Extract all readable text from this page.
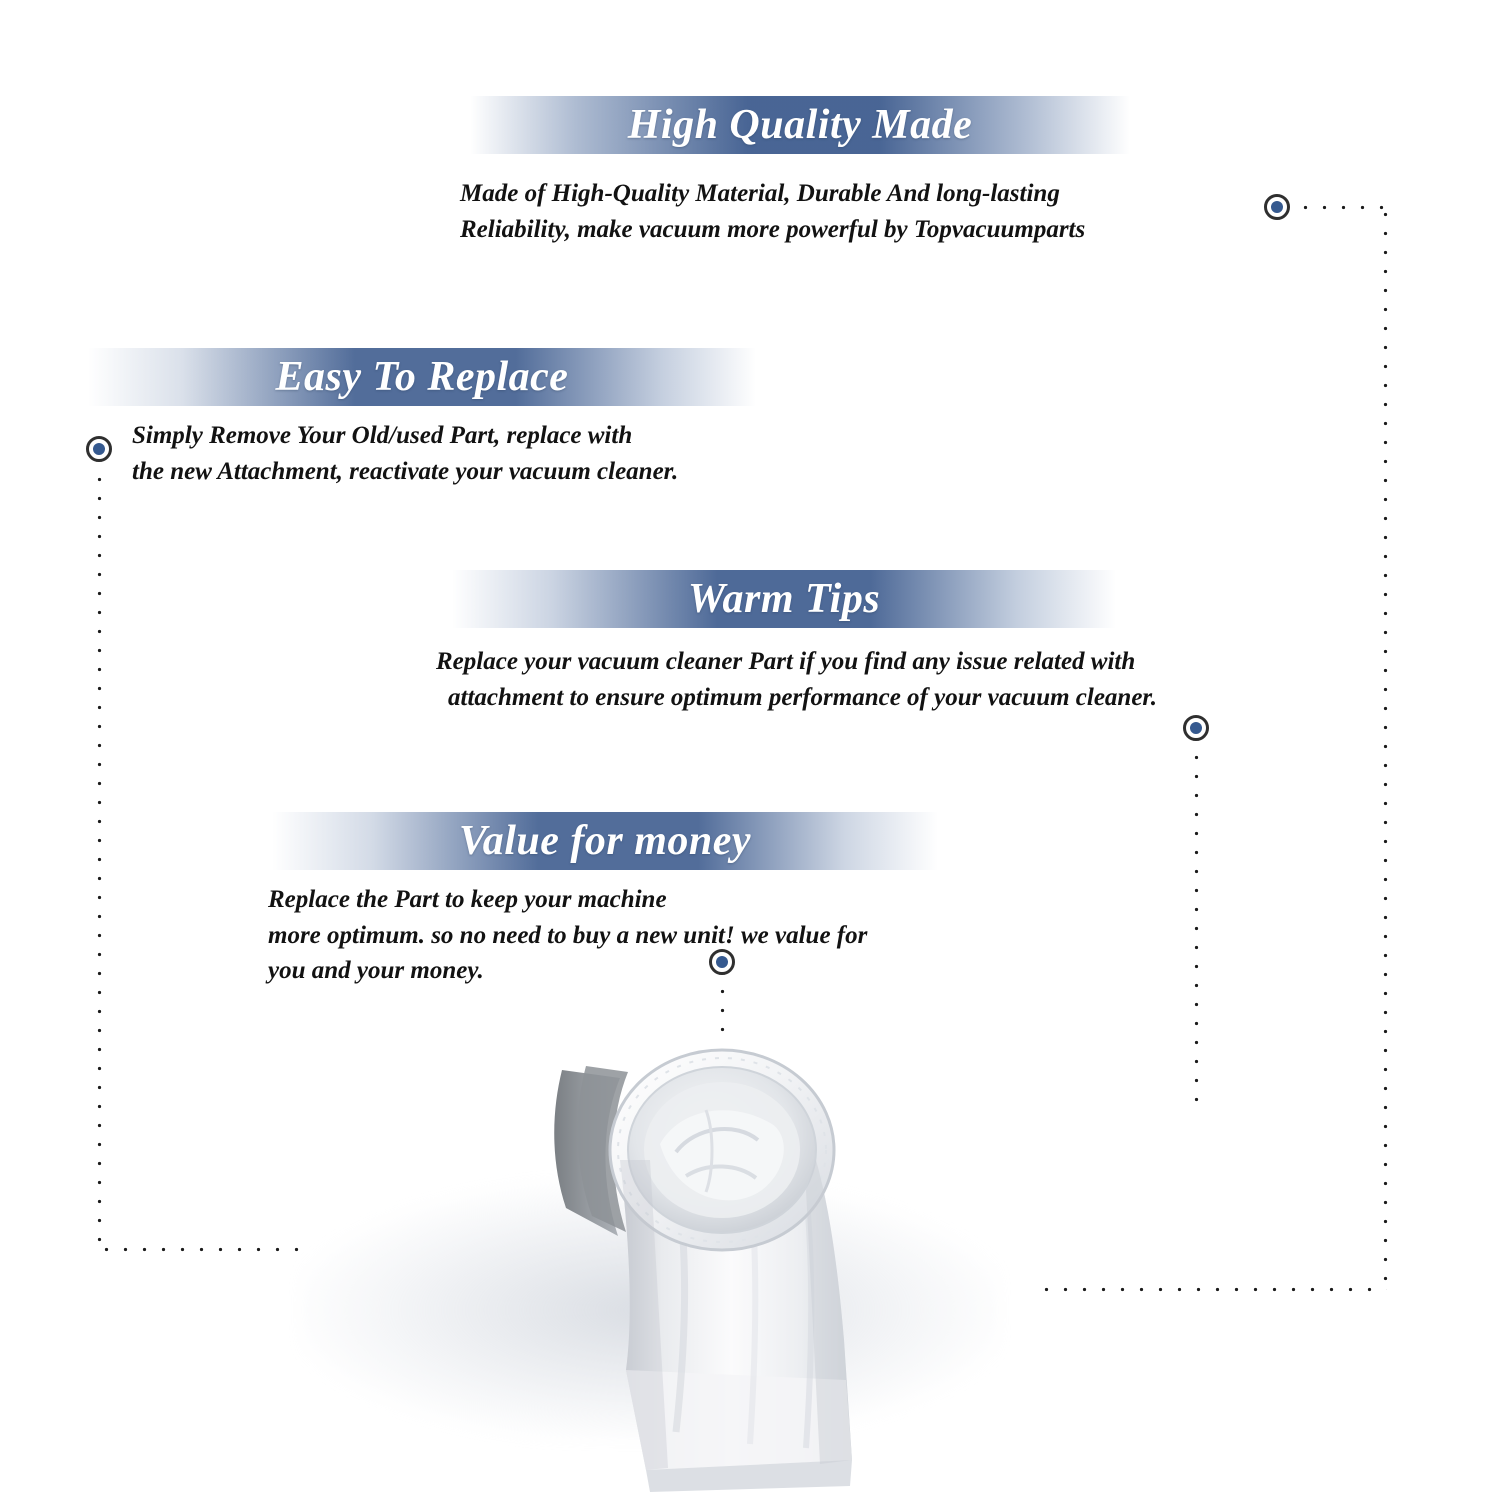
High Quality Made
Made of High-Quality Material, Durable And long-lasting
Reliability, make vacuum more powerful by Topvacuumparts
Easy To Replace
Simply Remove Your Old/used Part, replace with
the new Attachment, reactivate your vacuum cleaner.
Warm Tips
Replace your vacuum cleaner Part if you find any issue related with
attachment to ensure optimum performance of your vacuum cleaner.
Value for money
Replace the Part to keep your machine
more optimum. so no need to buy a new unit! we value for
you and your money.
